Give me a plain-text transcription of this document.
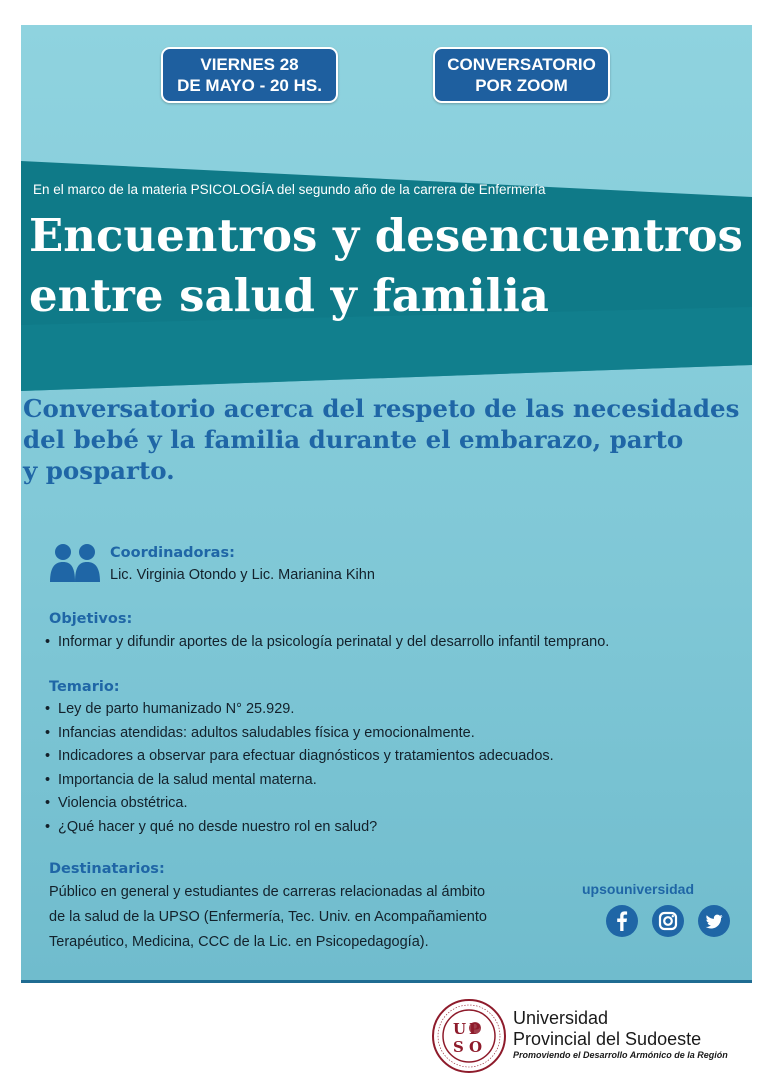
VIERNES 28
DE MAYO - 20 HS.
CONVERSATORIO
POR ZOOM
En el marco de la materia PSICOLOGÍA del segundo año de la carrera de Enfermería
Encuentros y desencuentros
entre salud y familia
Conversatorio acerca del respeto de las necesidades
del bebé y la familia durante el embarazo, parto
y posparto.
Coordinadoras:
Lic. Virginia Otondo y Lic. Marianina Kihn
Objetivos:
• Informar y difundir aportes de la psicología perinatal y del desarrollo infantil temprano.
Temario:
• Ley de parto humanizado N° 25.929.
• Infancias atendidas: adultos saludables física y emocionalmente.
• Indicadores a observar para efectuar diagnósticos y tratamientos adecuados.
• Importancia de la salud mental materna.
• Violencia obstétrica.
• ¿Qué hacer y qué no desde nuestro rol en salud?
Destinatarios:
Público en general y estudiantes de carreras relacionadas al ámbito
de la salud de la UPSO (Enfermería, Tec. Univ. en Acompañamiento
Terapéutico, Medicina, CCC de la Lic. en Psicopedagogía).
upsouniversidad
U
S O
Universidad
Provincial del Sudoeste
Promoviendo el Desarrollo Armónico de la Región
